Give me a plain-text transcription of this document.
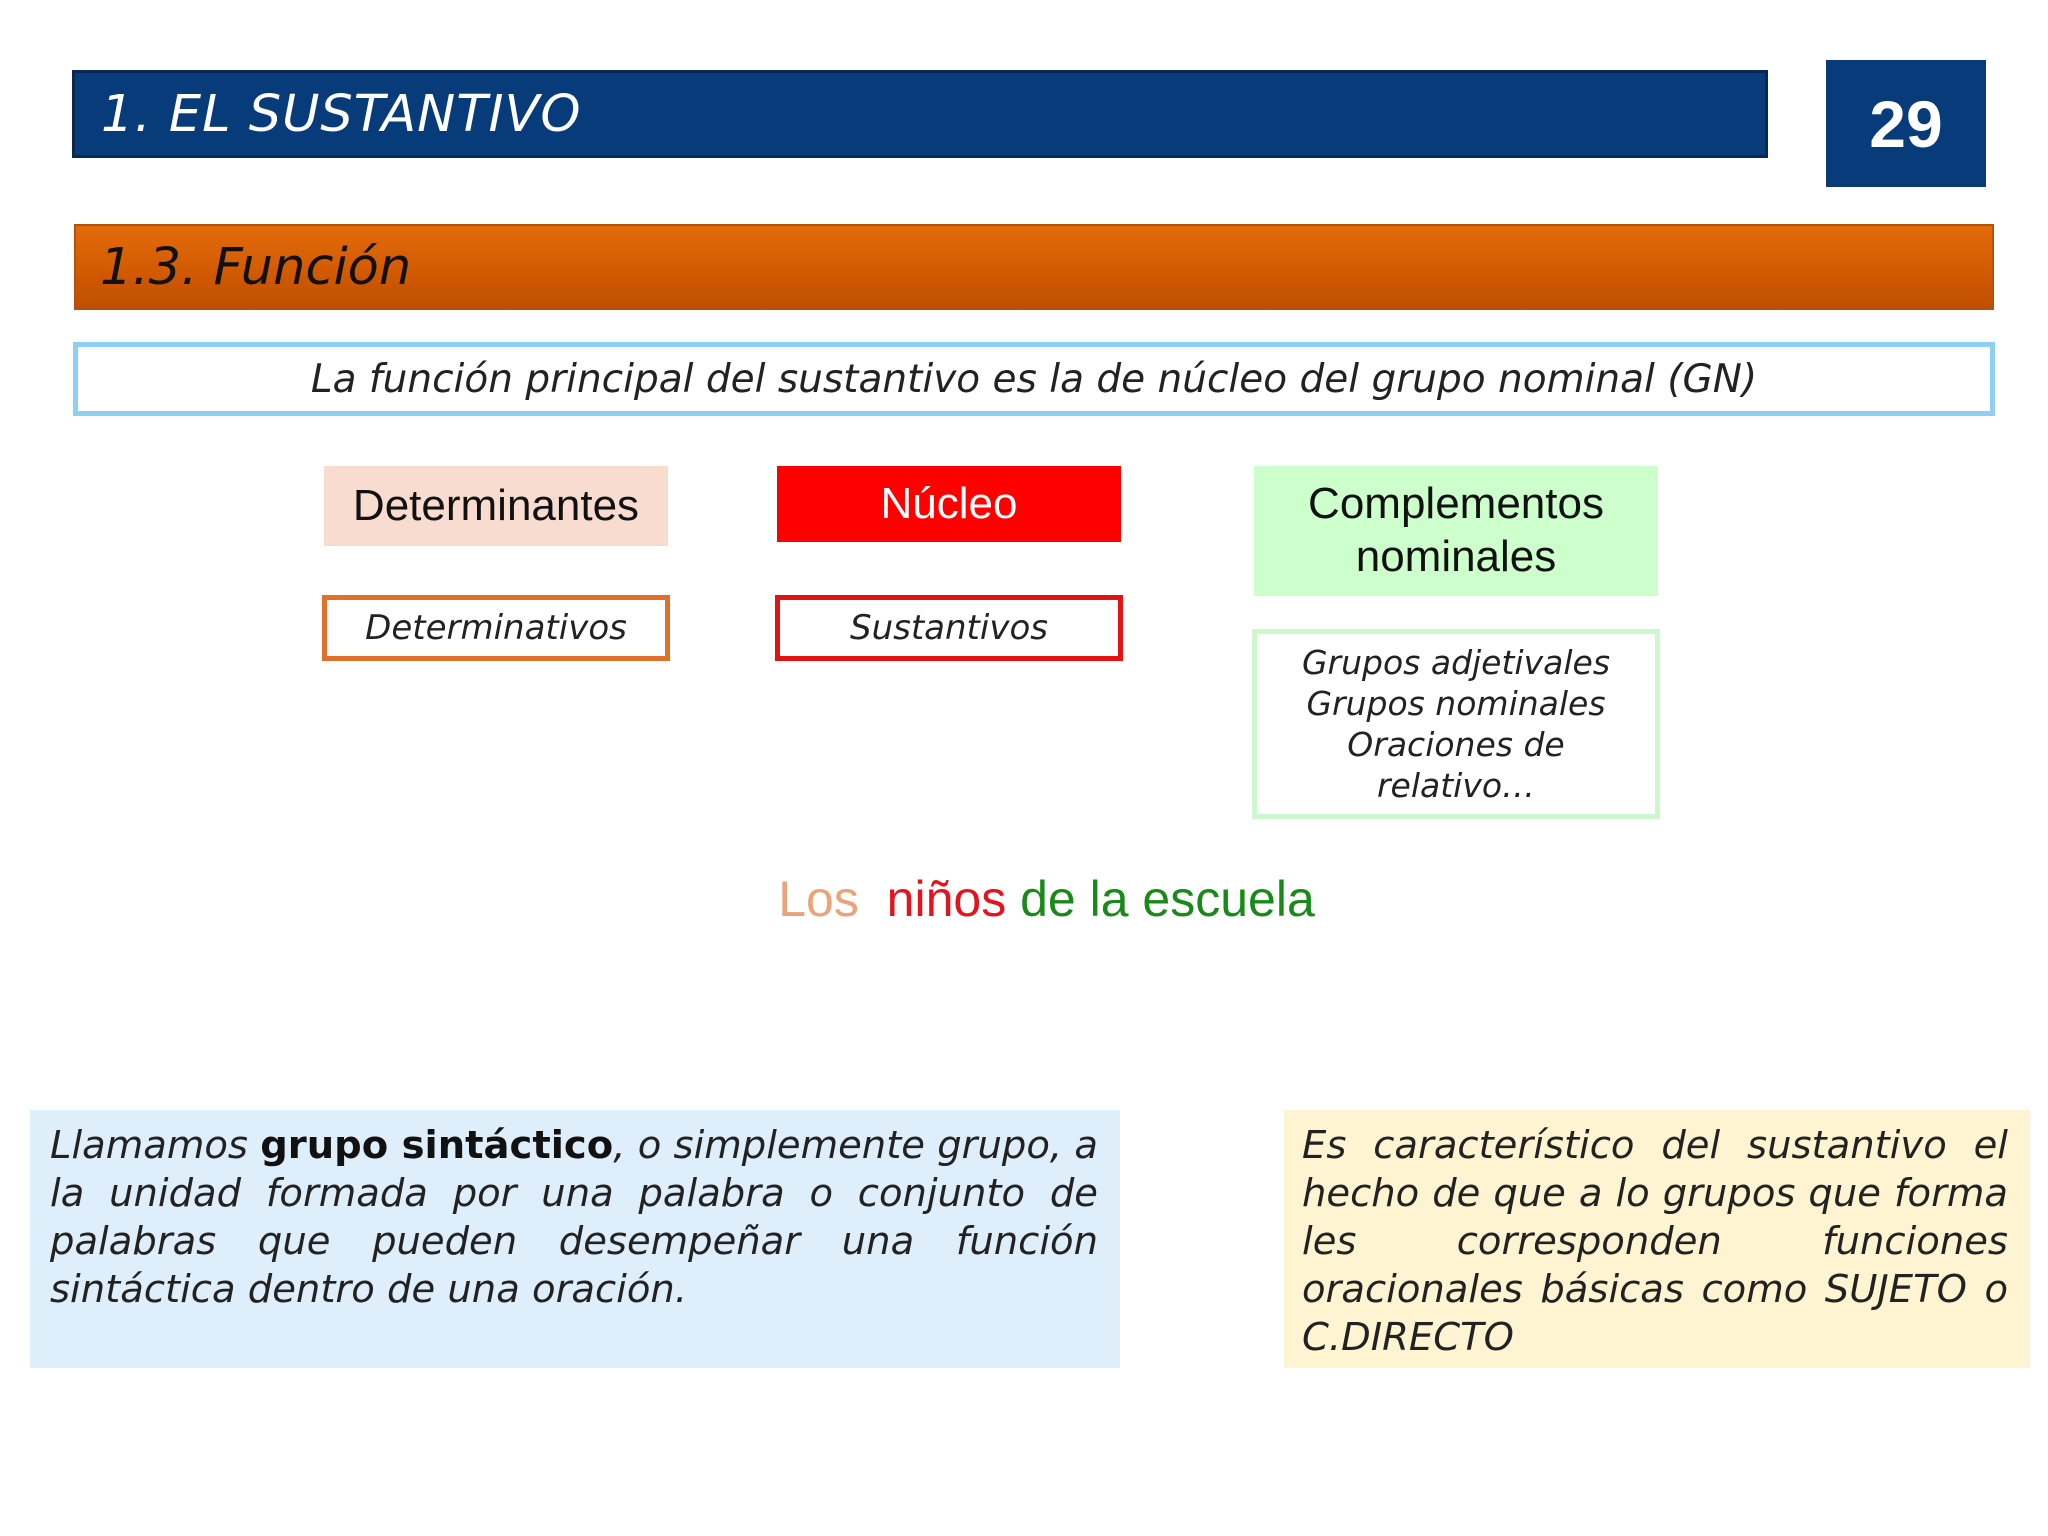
1. EL SUSTANTIVO	29
1.3. Función
La función principal del sustantivo es la de núcleo del grupo nominal (GN)
Determinantes	Núcleo	Complementos
nominales
Determinativos	Sustantivos
Grupos adjetivales
Grupos nominales
Oraciones de
relativo…
Los niños de la escuela
Llamamos grupo sintáctico, o simplemente grupo, a la unidad formada por una palabra o conjunto de palabras que pueden desempeñar una función sintáctica dentro de una oración.
Es característico del sustantivo el hecho de que a lo grupos que forma les corresponden funciones oracionales básicas como SUJETO o C.DIRECTO
